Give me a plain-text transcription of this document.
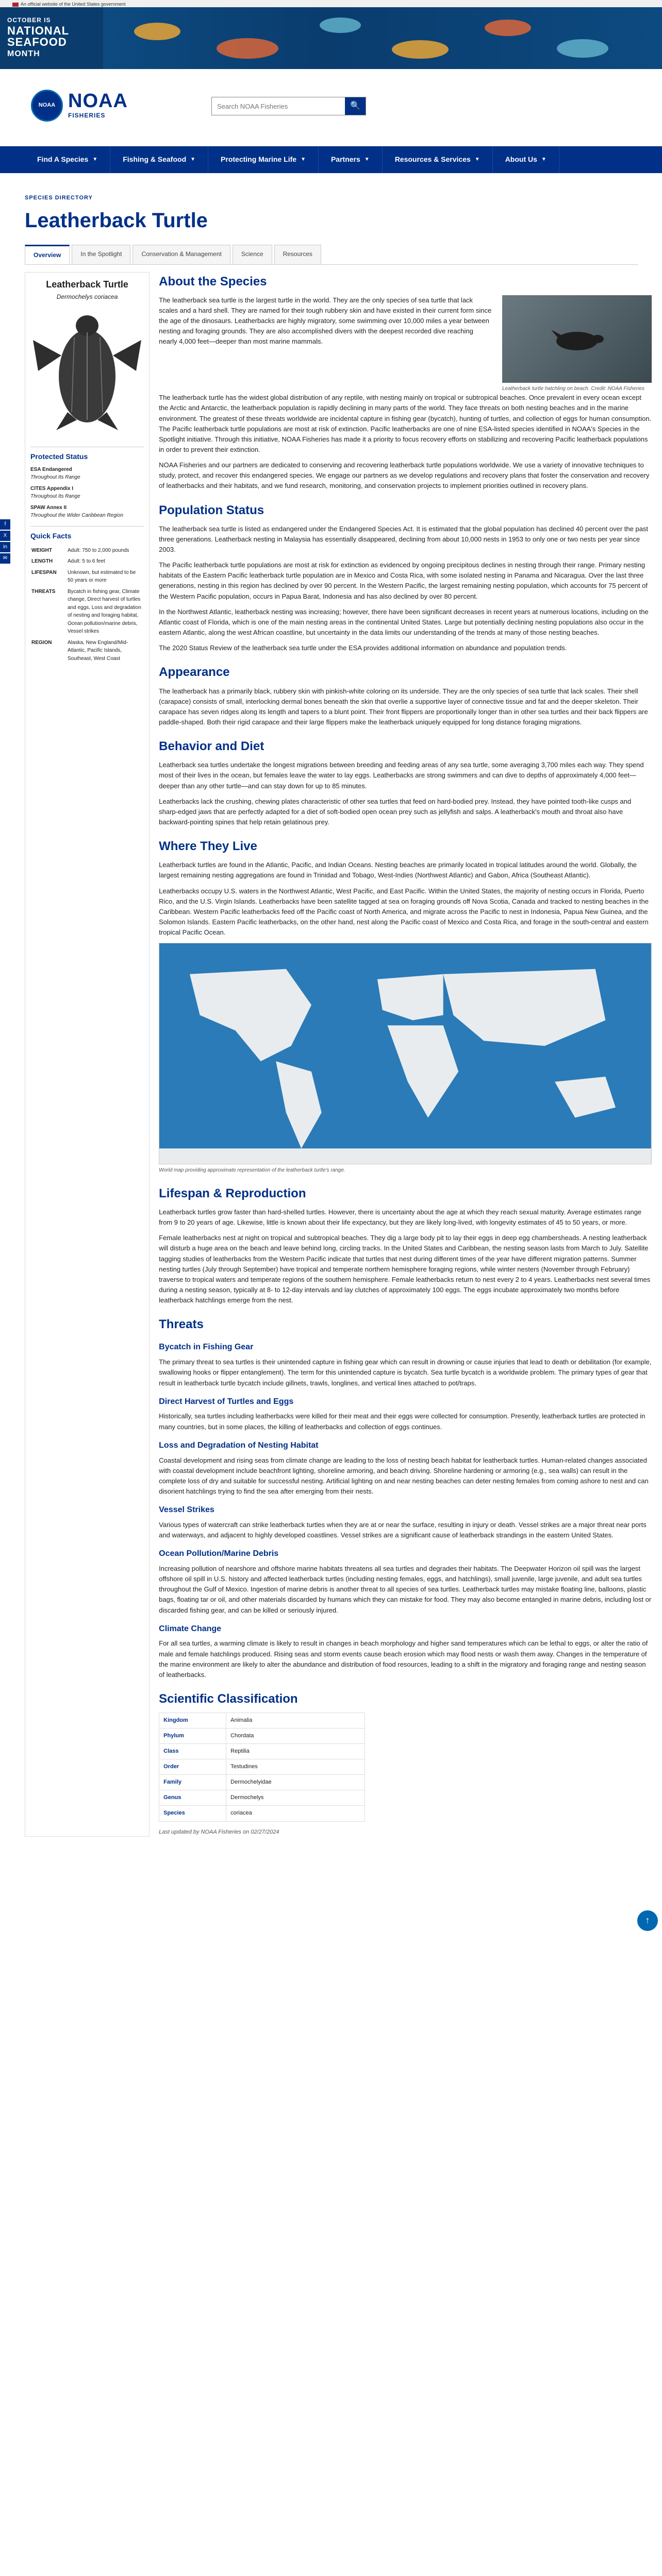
An official website of the United States government
OCTOBER IS
NATIONAL
SEAFOOD
MONTH
NOAA NOAA
FISHERIES
Search NOAA Fisheries
🔍
Find A Species ▼	Fishing & Seafood ▼	Protecting Marine Life ▼	Partners ▼	Resources & Services ▼	About Us ▼
f
X
in
✉
SPECIES DIRECTORY
Leatherback Turtle
Overview	In the Spotlight	Conservation & Management	Science	Resources
Leatherback Turtle
Dermochelys coriacea
Protected Status
ESA Endangered
Throughout Its Range
CITES Appendix I
Throughout Its Range
SPAW Annex II
Throughout the Wider Caribbean Region
Quick Facts
WEIGHT	Adult: 750 to 2,000 pounds
LENGTH	Adult: 5 to 6 feet
LIFESPAN	Unknown, but estimated to be 50 years or more
THREATS	Bycatch in fishing gear, Climate change, Direct harvest of turtles and eggs, Loss and degradation of nesting and foraging habitat, Ocean pollution/marine debris, Vessel strikes
REGION	Alaska, New England/Mid-Atlantic, Pacific Islands, Southeast, West Coast
About the Species

The leatherback sea turtle is the largest turtle in the world. They are the only species of sea turtle that lack scales and a hard shell. They are named for their tough rubbery skin and have existed in their current form since the age of the dinosaurs. Leatherbacks are highly migratory, some swimming over 10,000 miles a year between nesting and foraging grounds. They are also accomplished divers with the deepest recorded dive reaching nearly 4,000 feet—deeper than most marine mammals.

Leatherback turtle hatchling on beach. Credit: NOAA Fisheries

The leatherback turtle has the widest global distribution of any reptile, with nesting mainly on tropical or subtropical beaches. Once prevalent in every ocean except the Arctic and Antarctic, the leatherback population is rapidly declining in many parts of the world. They face threats on both nesting beaches and in the marine environment. The greatest of these threats worldwide are incidental capture in fishing gear (bycatch), hunting of turtles, and collection of eggs for human consumption. The Pacific leatherback turtle populations are most at risk of extinction. Pacific leatherbacks are one of nine ESA-listed species identified in NOAA's Species in the Spotlight initiative. Through this initiative, NOAA Fisheries has made it a priority to focus recovery efforts on stabilizing and recovering Pacific leatherback populations in order to prevent their extinction.

NOAA Fisheries and our partners are dedicated to conserving and recovering leatherback turtle populations worldwide. We use a variety of innovative techniques to study, protect, and recover this endangered species. We engage our partners as we develop regulations and recovery plans that foster the conservation and recovery of leatherbacks and their habitats, and we fund research, monitoring, and conservation projects to implement priorities outlined in recovery plans.

Population Status

The leatherback sea turtle is listed as endangered under the Endangered Species Act. It is estimated that the global population has declined 40 percent over the past three generations. Leatherback nesting in Malaysia has essentially disappeared, declining from about 10,000 nests in 1953 to only one or two nests per year since 2003.

The Pacific leatherback turtle populations are most at risk for extinction as evidenced by ongoing precipitous declines in nesting through their range. Primary nesting habitats of the Eastern Pacific leatherback turtle population are in Mexico and Costa Rica, with some isolated nesting in Panama and Nicaragua. Over the last three generations, nesting in this region has declined by over 90 percent. In the Western Pacific, the largest remaining nesting population, which accounts for 75 percent of the Western Pacific population, occurs in Papua Barat, Indonesia and has also declined by over 80 percent.

In the Northwest Atlantic, leatherback nesting was increasing; however, there have been significant decreases in recent years at numerous locations, including on the Atlantic coast of Florida, which is one of the main nesting areas in the continental United States. Large but potentially declining nesting populations also occur in the eastern Atlantic, along the west African coastline, but uncertainty in the data limits our understanding of the trends at many of those nesting beaches.

The 2020 Status Review of the leatherback sea turtle under the ESA provides additional information on abundance and population trends.

Appearance

The leatherback has a primarily black, rubbery skin with pinkish-white coloring on its underside. They are the only species of sea turtle that lack scales. Their shell (carapace) consists of small, interlocking dermal bones beneath the skin that overlie a supportive layer of connective tissue and fat and the deeper skeleton. Their carapace has seven ridges along its length and tapers to a blunt point. Their front flippers are proportionally longer than in other sea turtles and their back flippers are paddle-shaped. Both their rigid carapace and their large flippers make the leatherback uniquely equipped for long distance foraging migrations.

Behavior and Diet

Leatherback sea turtles undertake the longest migrations between breeding and feeding areas of any sea turtle, some averaging 3,700 miles each way. They spend most of their lives in the ocean, but females leave the water to lay eggs. Leatherbacks are strong swimmers and can dive to depths of approximately 4,000 feet—deeper than any other turtle—and can stay down for up to 85 minutes.

Leatherbacks lack the crushing, chewing plates characteristic of other sea turtles that feed on hard-bodied prey. Instead, they have pointed tooth-like cusps and sharp-edged jaws that are perfectly adapted for a diet of soft-bodied open ocean prey such as jellyfish and salps. A leatherback's mouth and throat also have backward-pointing spines that help retain gelatinous prey.

Where They Live

Leatherback turtles are found in the Atlantic, Pacific, and Indian Oceans. Nesting beaches are primarily located in tropical latitudes around the world. Globally, the largest remaining nesting aggregations are found in Trinidad and Tobago, West-Indies (Northwest Atlantic) and Gabon, Africa (Southeast Atlantic).

Leatherbacks occupy U.S. waters in the Northwest Atlantic, West Pacific, and East Pacific. Within the United States, the majority of nesting occurs in Florida, Puerto Rico, and the U.S. Virgin Islands. Leatherbacks have been satellite tagged at sea on foraging grounds off Nova Scotia, Canada and tracked to nesting beaches in the Caribbean. Western Pacific leatherbacks feed off the Pacific coast of North America, and migrate across the Pacific to nest in Indonesia, Papua New Guinea, and the Solomon Islands. Eastern Pacific leatherbacks, on the other hand, nest along the Pacific coast of Mexico and Costa Rica, and forage in the south-central and eastern tropical Pacific Ocean.

World map providing approximate representation of the leatherback turtle's range.
Lifespan & Reproduction

Leatherback turtles grow faster than hard-shelled turtles. However, there is uncertainty about the age at which they reach sexual maturity. Average estimates range from 9 to 20 years of age. Likewise, little is known about their life expectancy, but they are likely long-lived, with longevity estimates of 45 to 50 years, or more.

Female leatherbacks nest at night on tropical and subtropical beaches. They dig a large body pit to lay their eggs in deep egg chambersheads. A nesting leatherback will disturb a huge area on the beach and leave behind long, circling tracks. In the United States and Caribbean, the nesting season lasts from March to July. Satellite tagging studies of leatherbacks from the Western Pacific indicate that turtles that nest during different times of the year have different migration patterns. Summer nesting turtles (July through September) have tropical and temperate northern hemisphere foraging regions, while winter nesters (November through February) traverse to tropical waters and temperate regions of the southern hemisphere. Female leatherbacks return to nest every 2 to 4 years. Leatherbacks nest several times during a nesting season, typically at 8- to 12-day intervals and lay clutches of approximately 100 eggs. The eggs incubate approximately two months before leatherback hatchlings emerge from the nest.

Threats
Bycatch in Fishing Gear

The primary threat to sea turtles is their unintended capture in fishing gear which can result in drowning or cause injuries that lead to death or debilitation (for example, swallowing hooks or flipper entanglement). The term for this unintended capture is bycatch. Sea turtle bycatch is a worldwide problem. The primary types of gear that result in leatherback turtle bycatch include gillnets, trawls, longlines, and vertical lines attached to pot/traps.

Direct Harvest of Turtles and Eggs

Historically, sea turtles including leatherbacks were killed for their meat and their eggs were collected for consumption. Presently, leatherback turtles are protected in many countries, but in some places, the killing of leatherbacks and collection of eggs continues.

Loss and Degradation of Nesting Habitat

Coastal development and rising seas from climate change are leading to the loss of nesting beach habitat for leatherback turtles. Human-related changes associated with coastal development include beachfront lighting, shoreline armoring, and beach driving. Shoreline hardening or armoring (e.g., sea walls) can result in the complete loss of dry and suitable for successful nesting. Artificial lighting on and near nesting beaches can deter nesting females from coming ashore to nest and can disorient hatchlings trying to find the sea after emerging from their nests.

Vessel Strikes

Various types of watercraft can strike leatherback turtles when they are at or near the surface, resulting in injury or death. Vessel strikes are a major threat near ports and waterways, and adjacent to highly developed coastlines. Vessel strikes are a significant cause of leatherback strandings in the eastern United States.

Ocean Pollution/Marine Debris

Increasing pollution of nearshore and offshore marine habitats threatens all sea turtles and degrades their habitats. The Deepwater Horizon oil spill was the largest offshore oil spill in U.S. history and affected leatherback turtles (including nesting females, eggs, and hatchlings), small juvenile, large juvenile, and adult sea turtles throughout the Gulf of Mexico. Ingestion of marine debris is another threat to all species of sea turtles. Leatherback turtles may mistake floating line, balloons, plastic bags, floating tar or oil, and other materials discarded by humans which they can mistake for food. They may also become entangled in marine debris, including lost or discarded fishing gear, and can be killed or seriously injured.

Climate Change

For all sea turtles, a warming climate is likely to result in changes in beach morphology and higher sand temperatures which can be lethal to eggs, or alter the ratio of male and female hatchlings produced. Rising seas and storm events cause beach erosion which may flood nests or wash them away. Changes in the temperature of the marine environment are likely to alter the abundance and distribution of food resources, leading to a shift in the migratory and foraging range and nesting season of leatherbacks.

Scientific Classification
Kingdom	Animalia
Phylum	Chordata
Class	Reptilia
Order	Testudines
Family	Dermochelyidae
Genus	Dermochelys
Species	coriacea
Last updated by NOAA Fisheries on 02/27/2024
↑
